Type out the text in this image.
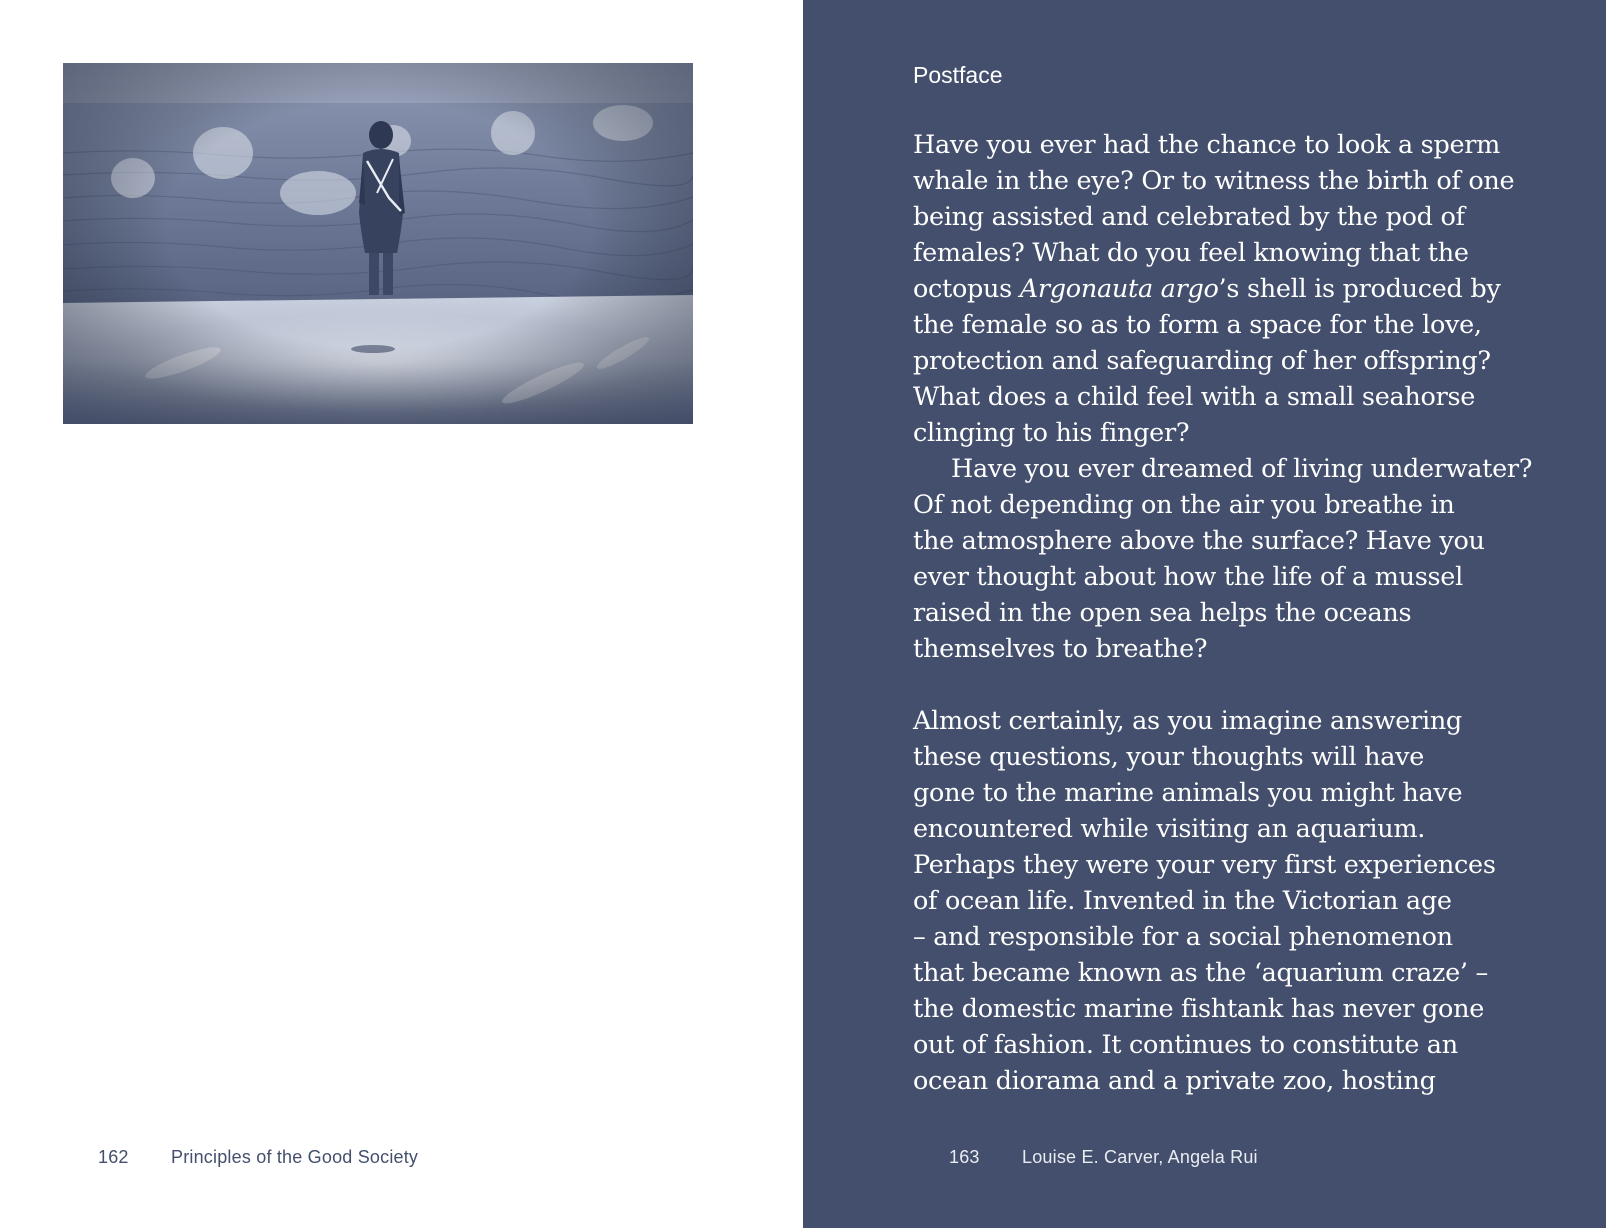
162 Principles of the Good Society
Postface
Have you ever had the chance to look a sperm
whale in the eye? Or to witness the birth of one
being assisted and celebrated by the pod of
females? What do you feel knowing that the
octopus Argonauta argo’s shell is produced by
the female so as to form a space for the love,
protection and safeguarding of her offspring?
What does a child feel with a small seahorse
clinging to his finger?
Have you ever dreamed of living underwater?
Of not depending on the air you breathe in
the atmosphere above the surface? Have you
ever thought about how the life of a mussel
raised in the open sea helps the oceans
themselves to breathe?
Almost certainly, as you imagine answering
these questions, your thoughts will have
gone to the marine animals you might have
encountered while visiting an aquarium.
Perhaps they were your very first experiences
of ocean life. Invented in the Victorian age
– and responsible for a social phenomenon
that became known as the ‘aquarium craze’ –
the domestic marine fishtank has never gone
out of fashion. It continues to constitute an
ocean diorama and a private zoo, hosting
163 Louise E. Carver, Angela Rui
